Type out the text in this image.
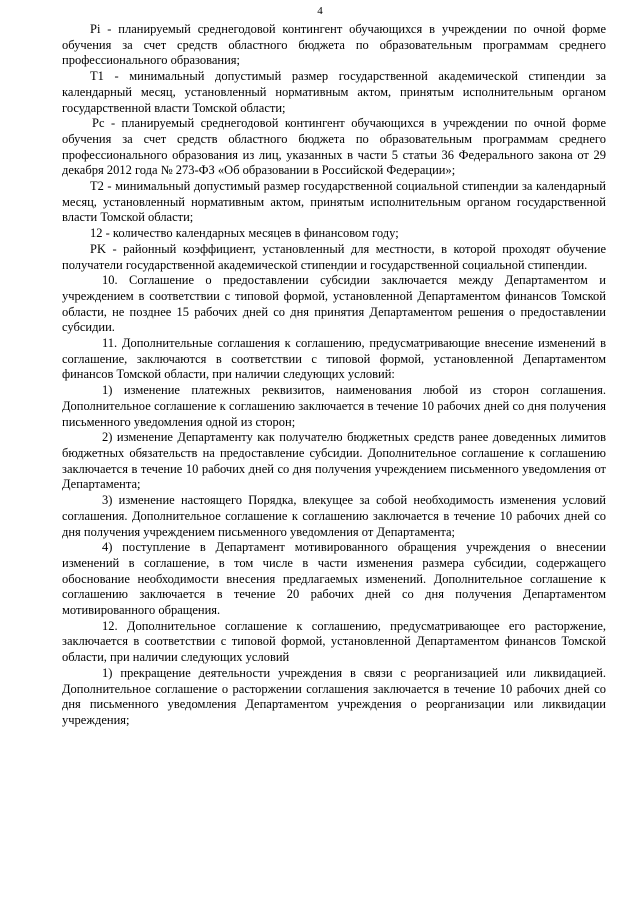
4

Pi - планируемый среднегодовой контингент обучающихся в учреждении по очной форме обучения за счет средств областного бюджета по образовательным программам среднего профессионального образования;

T1 - минимальный допустимый размер государственной академической стипендии за календарный месяц, установленный нормативным актом, принятым исполнительным органом государственной власти Томской области;

Pc - планируемый среднегодовой контингент обучающихся в учреждении по очной форме обучения за счет средств областного бюджета по образовательным программам среднего профессионального образования из лиц, указанных в части 5 статьи 36 Федерального закона от 29 декабря 2012 года № 273-ФЗ «Об образовании в Российской Федерации»;

T2 - минимальный допустимый размер государственной социальной стипендии за календарный месяц, установленный нормативным актом, принятым исполнительным органом государственной власти Томской области;

12 - количество календарных месяцев в финансовом году;

PK - районный коэффициент, установленный для местности, в которой проходят обучение получатели государственной академической стипендии и государственной социальной стипендии.

10. Соглашение о предоставлении субсидии заключается между Департаментом и учреждением в соответствии с типовой формой, установленной Департаментом финансов Томской области, не позднее 15 рабочих дней со дня принятия Департаментом решения о предоставлении субсидии.

11. Дополнительные соглашения к соглашению, предусматривающие внесение изменений в соглашение, заключаются в соответствии с типовой формой, установленной Департаментом финансов Томской области, при наличии следующих условий:

1) изменение платежных реквизитов, наименования любой из сторон соглашения. Дополнительное соглашение к соглашению заключается в течение 10 рабочих дней со дня получения письменного уведомления одной из сторон;

2) изменение Департаменту как получателю бюджетных средств ранее доведенных лимитов бюджетных обязательств на предоставление субсидии. Дополнительное соглашение к соглашению заключается в течение 10 рабочих дней со дня получения учреждением письменного уведомления от Департамента;

3) изменение настоящего Порядка, влекущее за собой необходимость изменения условий соглашения. Дополнительное соглашение к соглашению заключается в течение 10 рабочих дней со дня получения учреждением письменного уведомления от Департамента;

4) поступление в Департамент мотивированного обращения учреждения о внесении изменений в соглашение, в том числе в части изменения размера субсидии, содержащего обоснование необходимости внесения предлагаемых изменений. Дополнительное соглашение к соглашению заключается в течение 20 рабочих дней со дня получения Департаментом мотивированного обращения.

12. Дополнительное соглашение к соглашению, предусматривающее его расторжение, заключается в соответствии с типовой формой, установленной Департаментом финансов Томской области, при наличии следующих условий

1) прекращение деятельности учреждения в связи с реорганизацией или ликвидацией. Дополнительное соглашение о расторжении соглашения заключается в течение 10 рабочих дней со дня письменного уведомления Департаментом учреждения о реорганизации или ликвидации учреждения;
